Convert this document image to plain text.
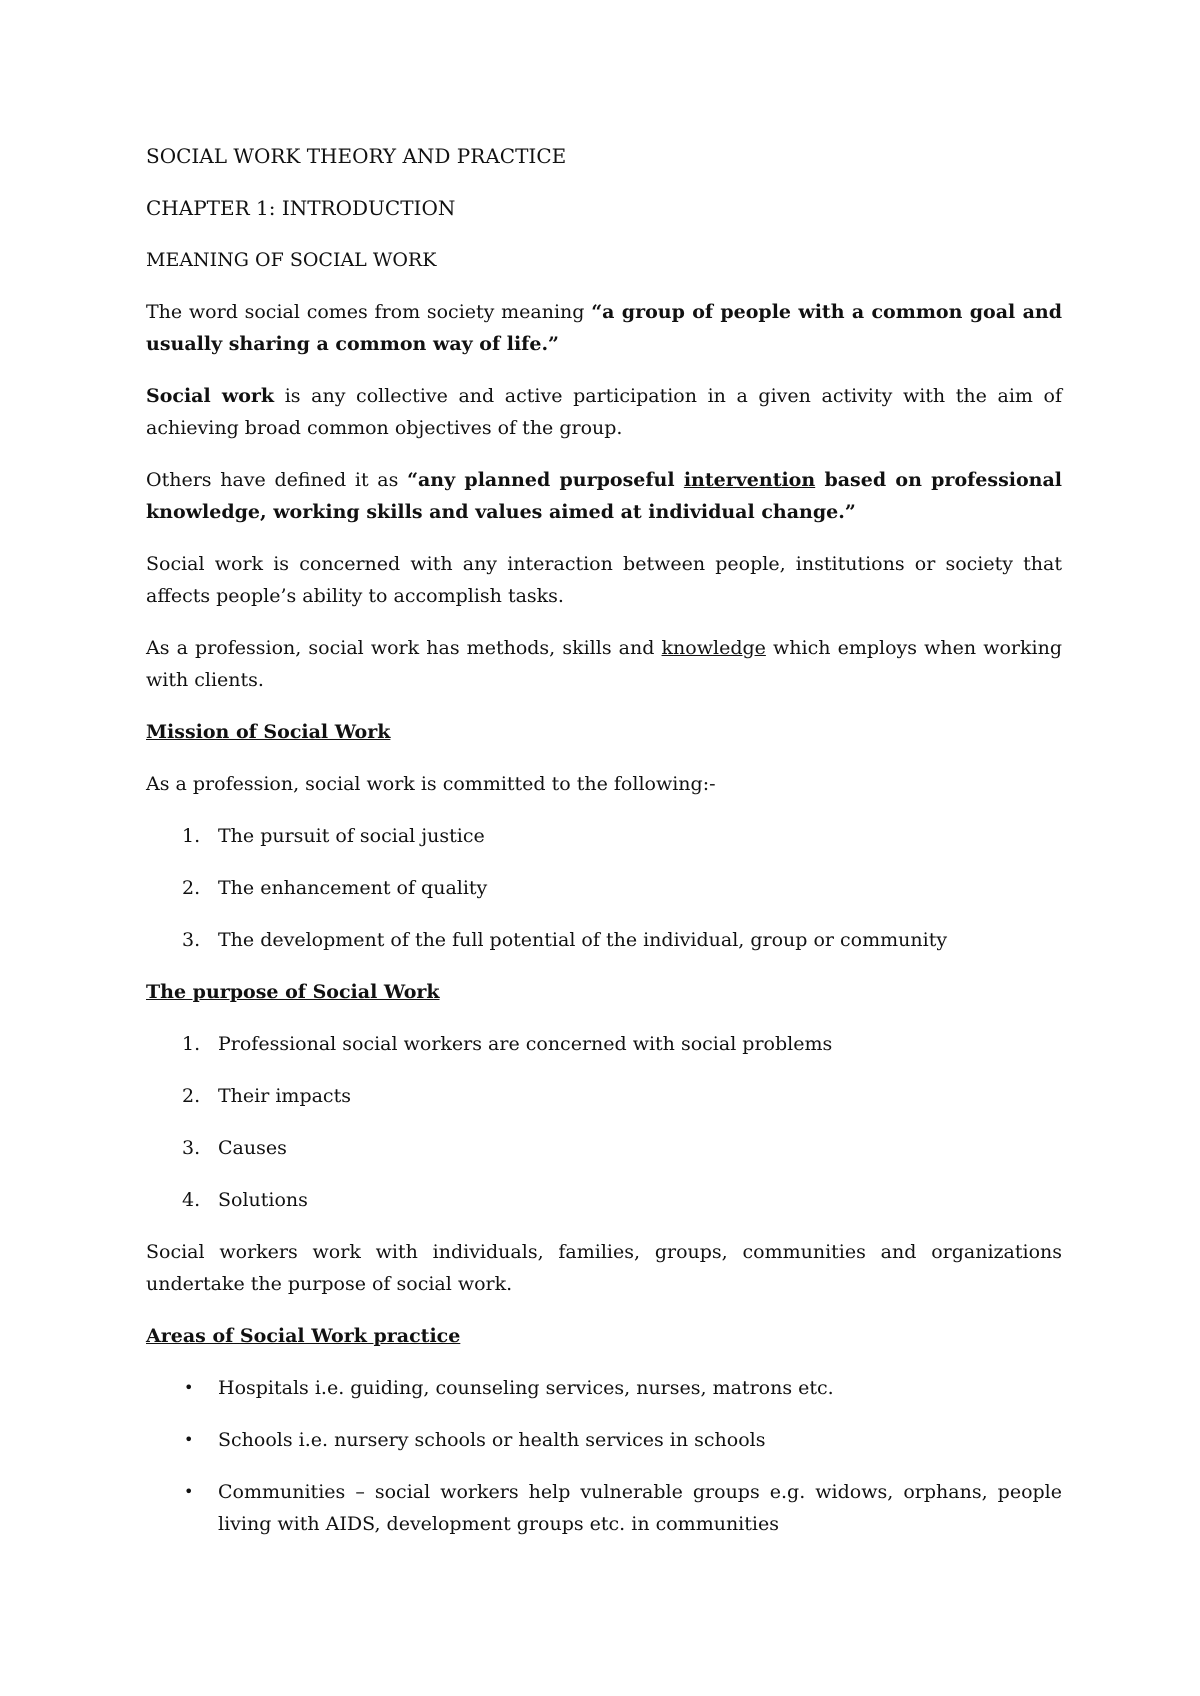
SOCIAL WORK THEORY AND PRACTICE
CHAPTER 1: INTRODUCTION
MEANING OF SOCIAL WORK

The word social comes from society meaning “a group of people with a common goal and usually sharing a common way of life.”

Social work is any collective and active participation in a given activity with the aim of achieving broad common objectives of the group.

Others have defined it as “any planned purposeful intervention based on professional knowledge, working skills and values aimed at individual change.”

Social work is concerned with any interaction between people, institutions or society that affects people’s ability to accomplish tasks.

As a profession, social work has methods, skills and knowledge which employs when working with clients.

Mission of Social Work

As a profession, social work is committed to the following:-

1. The pursuit of social justice
2. The enhancement of quality
3. The development of the full potential of the individual, group or community
The purpose of Social Work
1. Professional social workers are concerned with social problems
2. Their impacts
3. Causes
4. Solutions

Social workers work with individuals, families, groups, communities and organizations undertake the purpose of social work.

Areas of Social Work practice
• Hospitals i.e. guiding, counseling services, nurses, matrons etc.
• Schools i.e. nursery schools or health services in schools
• Communities – social workers help vulnerable groups e.g. widows, orphans, people living with AIDS, development groups etc. in communities
